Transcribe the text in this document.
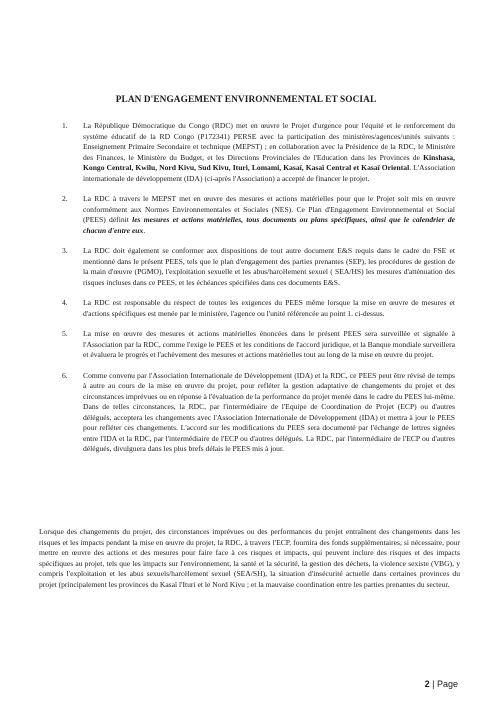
PLAN D'ENGAGEMENT ENVIRONNEMENTAL ET SOCIAL
1. La République Démocratique du Congo (RDC) met en œuvre le Projet d'urgence pour l'équité et le renforcement du système éducatif de la RD Congo (P172341) PERSE avec la participation des ministères/agences/unités suivants : Enseignement Primaire Secondaire et technique (MEPST) ; en collaboration avec la Présidence de la RDC, le Ministère des Finances, le Ministère du Budget, et les Directions Provinciales de l'Education dans les Provinces de Kinshasa, Kongo Central, Kwilu, Nord Kivu, Sud Kivu, Ituri, Lomami, Kasaï, Kasaï Central et Kasaï Oriental. L'Association internationale de développement (IDA) (ci-après l'Association) a accepté de financer le projet.
2. La RDC à travers le MEPST met en œuvre des mesures et actions matérielles pour que le Projet soit mis en œuvre conformément aux Normes Environnementales et Sociales (NES). Ce Plan d'Engagement Environnemental et Social (PEES) définit les mesures et actions matérielles, tous documents ou plans spécifiques, ainsi que le calendrier de chacun d'entre eux.
3. La RDC doit également se conformer aux dispositions de tout autre document E&S requis dans le cadre du FSE et mentionné dans le présent PEES, tels que le plan d'engagement des parties prenantes (SEP), les procédures de gestion de la main d'œuvre (PGMO), l'exploitation sexuelle et les abus/harcèlement sexuel ( SEA/HS) les mesures d'atténuation des risques incluses dans ce PEES, et les échéances spécifiées dans ces documents E&S.
4. La RDC est responsable du respect de toutes les exigences du PEES même lorsque la mise en œuvre de mesures et d'actions spécifiques est menée par le ministère, l'agence ou l'unité référencée au point 1. ci-dessus.
5. La mise en œuvre des mesures et actions matérielles énoncées dans le présent PEES sera surveillée et signalée à l'Association par la RDC, comme l'exige le PEES et les conditions de l'accord juridique, et la Banque mondiale surveillera et évaluera le progrès et l'achèvement des mesures et actions matérielles tout au long de la mise en œuvre du projet.
6. Comme convenu par l'Association Internationale de Développement (IDA) et la RDC, ce PEES peut être révisé de temps à autre au cours de la mise en œuvre du projet, pour refléter la gestion adaptative de changements du projet et des circonstances imprévues ou en réponse à l'évaluation de la performance du projet menée dans le cadre du PEES lui-même. Dans de telles circonstances, la RDC, par l'intermédiaire de l'Equipe de Coordination de Projet (ECP) ou d'autres délégués, acceptera les changements avec l'Association Internationale de Développement (IDA) et mettra à jour le PEES pour refléter ces changements. L'accord sur les modifications du PEES sera documenté par l'échange de lettres signées entre l'IDA et la RDC, par l'intermédiaire de l'ECP ou d'autres délégués. La RDC, par l'intermédiaire de l'ECP ou d'autres délégués, divulguera dans les plus brefs délais le PEES mis à jour.

Lorsque des changements du projet, des circonstances imprévues ou des performances du projet entraînent des changements dans les risques et les impacts pendant la mise en œuvre du projet, la RDC, à travers l'ECP, fournira des fonds supplémentaires, si nécessaire, pour mettre en œuvre des actions et des mesures pour faire face à ces risques et impacts, qui peuvent inclure des risques et des impacts spécifiques au projet, tels que les impacts sur l'environnement, la santé et la sécurité, la gestion des déchets, la violence sexiste (VBG), y compris l'exploitation et les abus sexuels/harcèlement sexuel (SEA/SH), la situation d'insécurité actuelle dans certaines provinces du projet (principalement les provinces du Kasaï l'Ituri et le Nord Kivu ; et la mauvaise coordination entre les parties prenantes du secteur.

2 | Page
